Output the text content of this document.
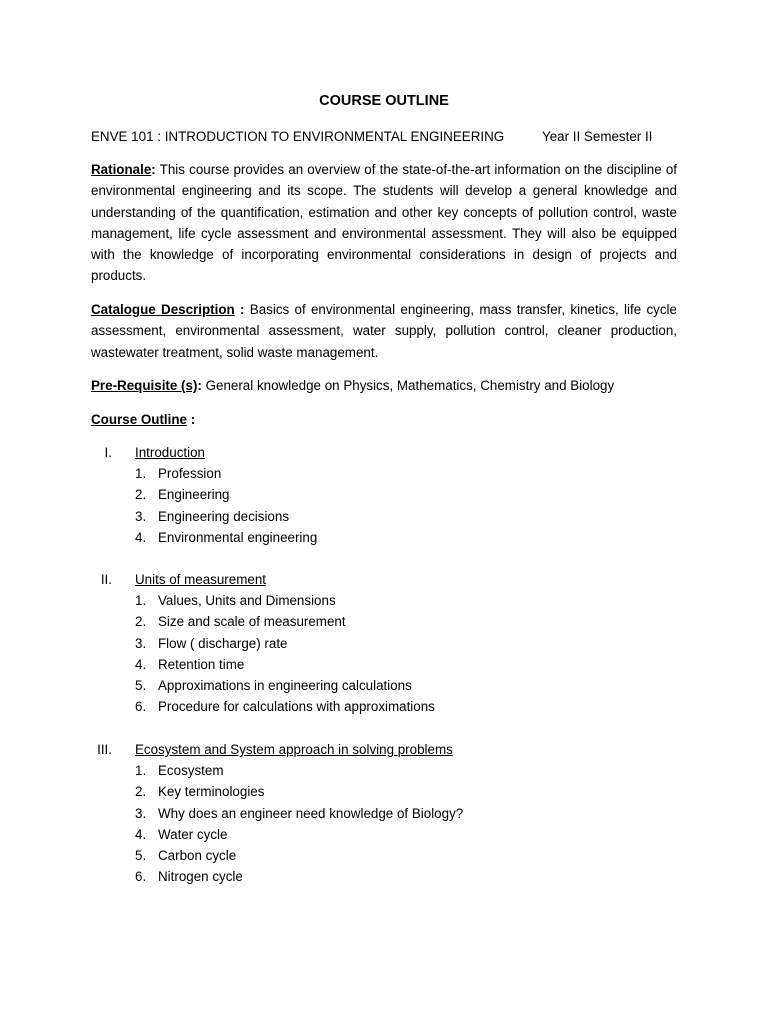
COURSE OUTLINE
ENVE 101 : INTRODUCTION TO ENVIRONMENTAL ENGINEERING	Year II Semester II

Rationale: This course provides an overview of the state-of-the-art information on the discipline of environmental engineering and its scope. The students will develop a general knowledge and understanding of the quantification, estimation and other key concepts of pollution control, waste management, life cycle assessment and environmental assessment. They will also be equipped with the knowledge of incorporating environmental considerations in design of projects and products.

Catalogue Description : Basics of environmental engineering, mass transfer, kinetics, life cycle assessment, environmental assessment, water supply, pollution control, cleaner production, wastewater treatment, solid waste management.

Pre-Requisite (s): General knowledge on Physics, Mathematics, Chemistry and Biology
Course Outline :
I. Introduction
1. Profession
2. Engineering
3. Engineering decisions
4. Environmental engineering
II. Units of measurement
1. Values, Units and Dimensions
2. Size and scale of measurement
3. Flow ( discharge) rate
4. Retention time
5. Approximations in engineering calculations
6. Procedure for calculations with approximations
III. Ecosystem and System approach in solving problems
1. Ecosystem
2. Key terminologies
3. Why does an engineer need knowledge of Biology?
4. Water cycle
5. Carbon cycle
6. Nitrogen cycle
